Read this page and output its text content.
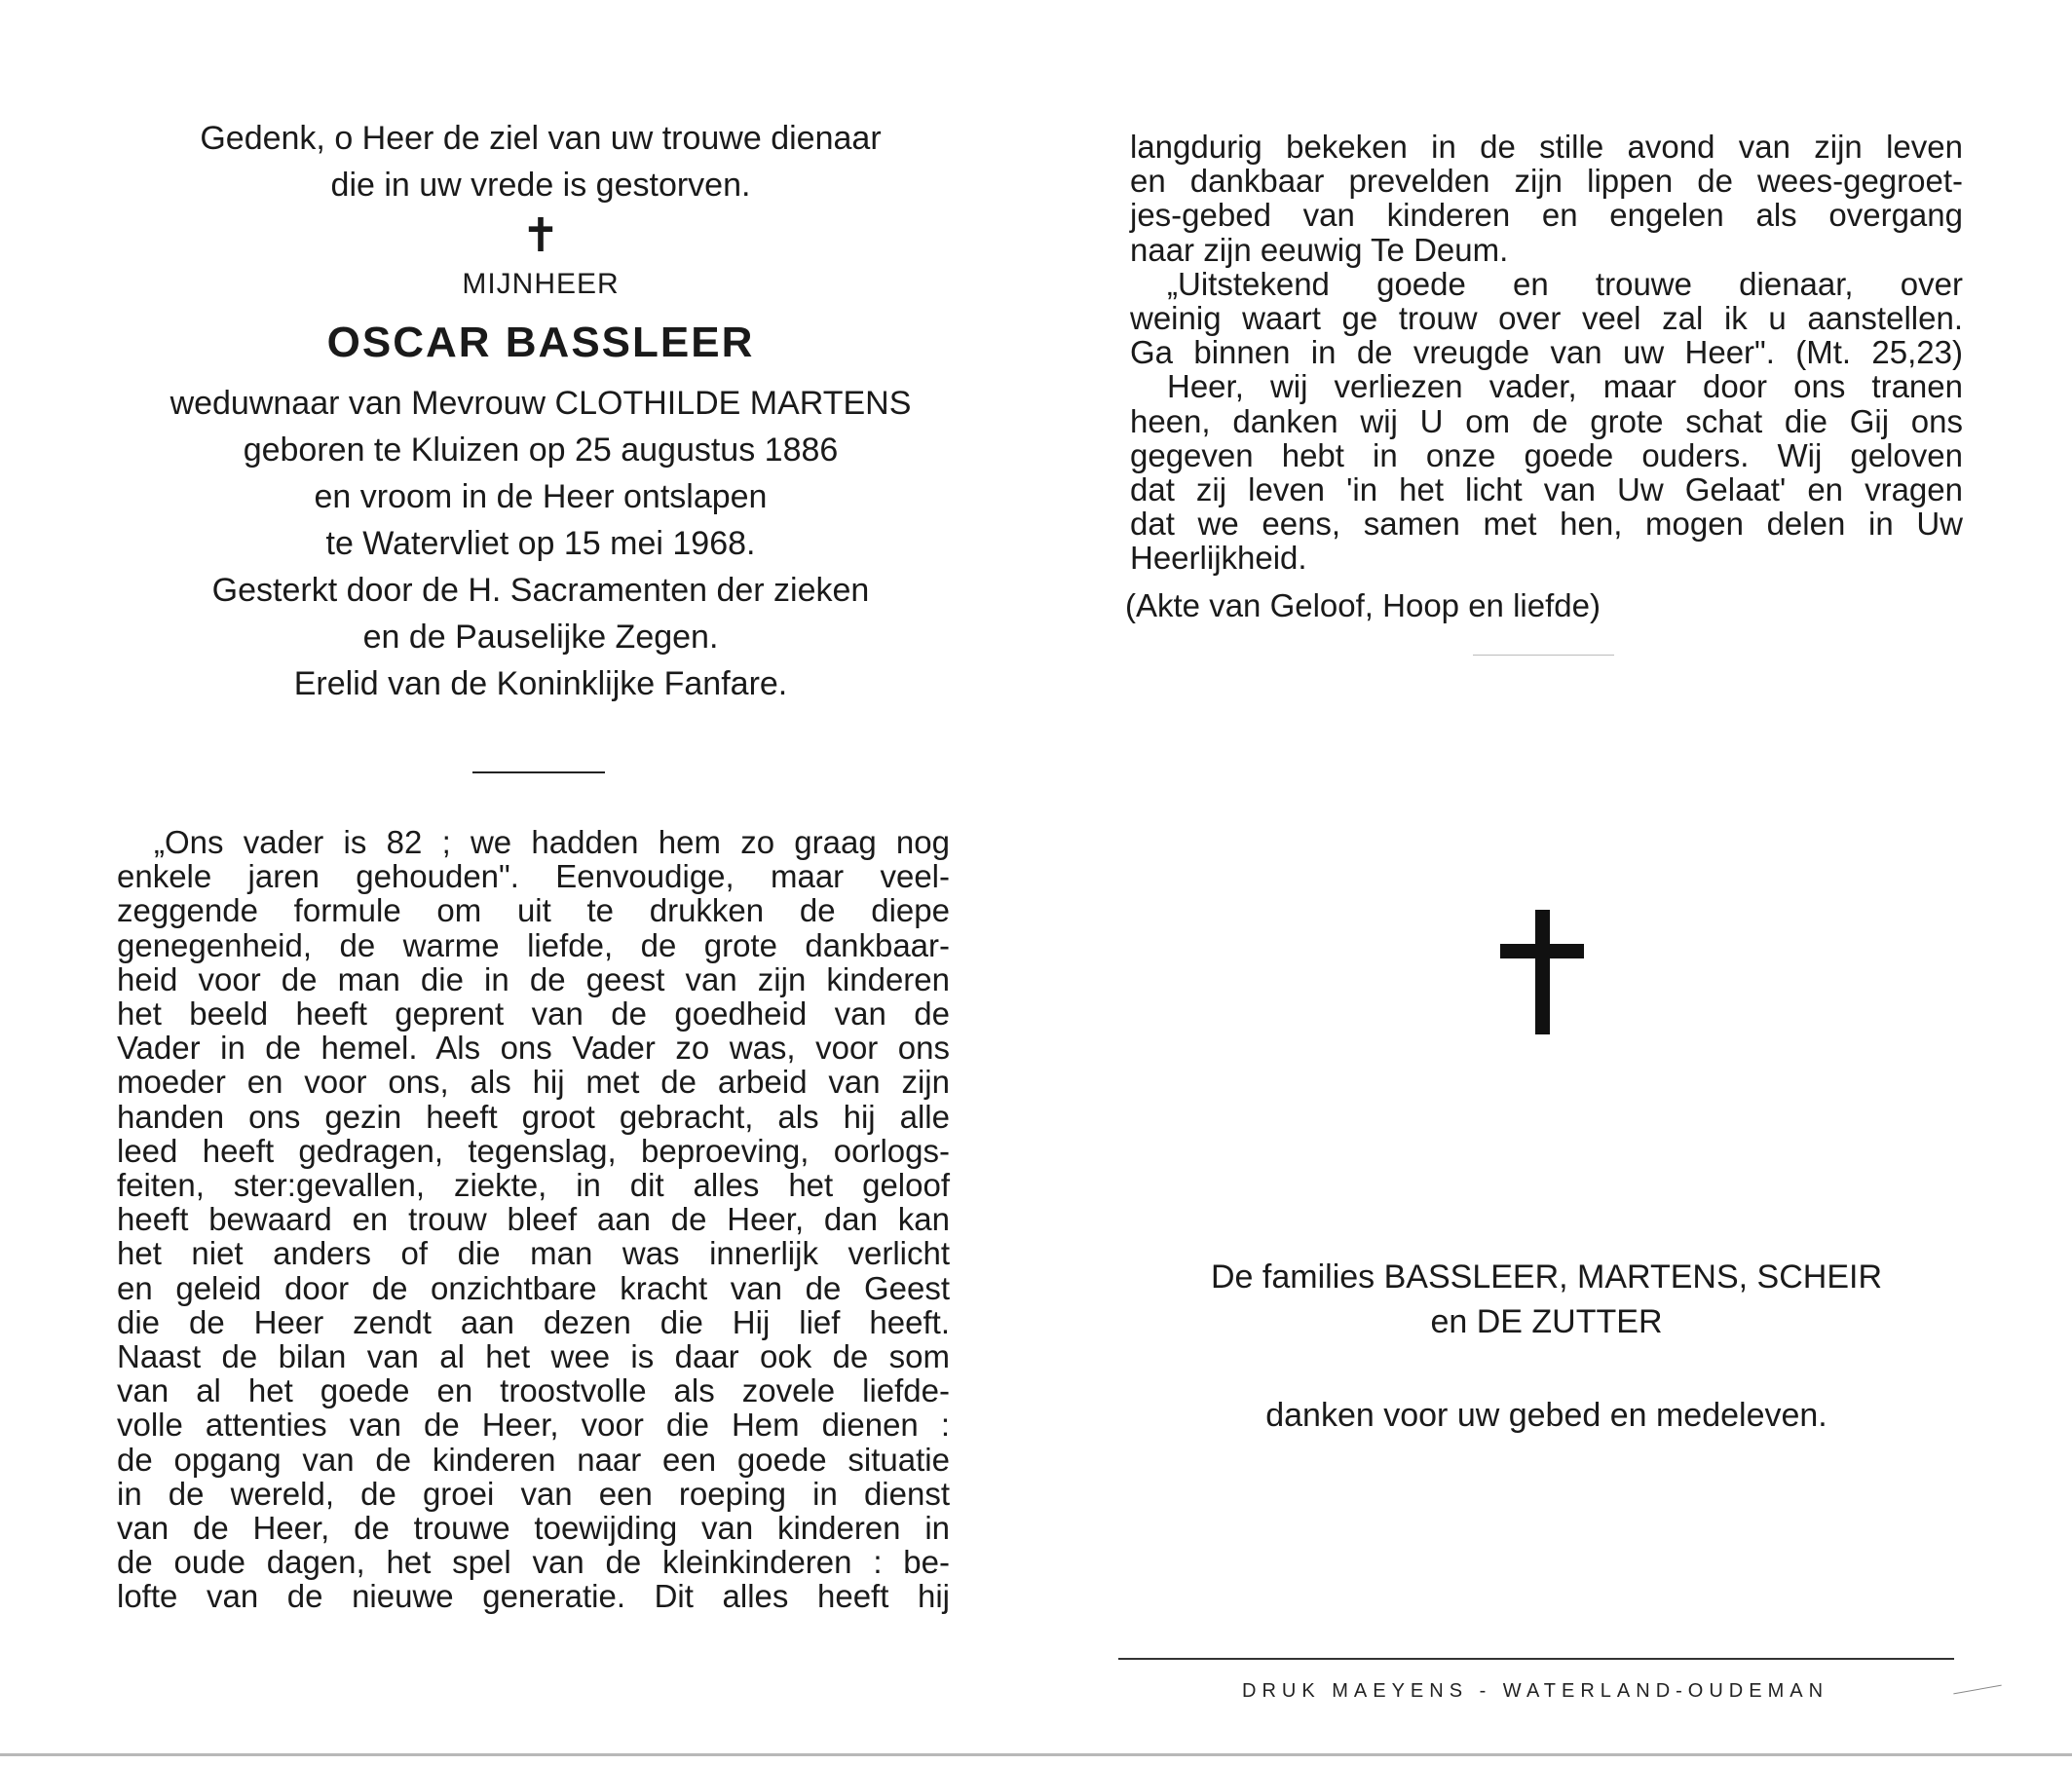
Gedenk, o Heer de ziel van uw trouwe dienaar
die in uw vrede is gestorven.
✝
MIJNHEER
OSCAR BASSLEER
weduwnaar van Mevrouw CLOTHILDE MARTENS
geboren te Kluizen op 25 augustus 1886
en vroom in de Heer ontslapen
te Watervliet op 15 mei 1968.
Gesterkt door de H. Sacramenten der zieken
en de Pauselijke Zegen.
Erelid van de Koninklijke Fanfare.
„Ons vader is 82 ; we hadden hem zo graag nog
enkele jaren gehouden". Eenvoudige, maar veel-
zeggende formule om uit te drukken de diepe
genegenheid, de warme liefde, de grote dankbaar-
heid voor de man die in de geest van zijn kinderen
het beeld heeft geprent van de goedheid van de
Vader in de hemel. Als ons Vader zo was, voor ons
moeder en voor ons, als hij met de arbeid van zijn
handen ons gezin heeft groot gebracht, als hij alle
leed heeft gedragen, tegenslag, beproeving, oorlogs-
feiten, ster:gevallen, ziekte, in dit alles het geloof
heeft bewaard en trouw bleef aan de Heer, dan kan
het niet anders of die man was innerlijk verlicht
en geleid door de onzichtbare kracht van de Geest
die de Heer zendt aan dezen die Hij lief heeft.
Naast de bilan van al het wee is daar ook de som
van al het goede en troostvolle als zovele liefde-
volle attenties van de Heer, voor die Hem dienen :
de opgang van de kinderen naar een goede situatie
in de wereld, de groei van een roeping in dienst
van de Heer, de trouwe toewijding van kinderen in
de oude dagen, het spel van de kleinkinderen : be-
lofte van de nieuwe generatie. Dit alles heeft hij
langdurig bekeken in de stille avond van zijn leven
en dankbaar prevelden zijn lippen de wees-gegroet-
jes-gebed van kinderen en engelen als overgang
naar zijn eeuwig Te Deum.
„Uitstekend goede en trouwe dienaar, over
weinig waart ge trouw over veel zal ik u aanstellen.
Ga binnen in de vreugde van uw Heer". (Mt. 25,23)
Heer, wij verliezen vader, maar door ons tranen
heen, danken wij U om de grote schat die Gij ons
gegeven hebt in onze goede ouders. Wij geloven
dat zij leven 'in het licht van Uw Gelaat' en vragen
dat we eens, samen met hen, mogen delen in Uw
Heerlijkheid.
(Akte van Geloof, Hoop en liefde)
De families BASSLEER, MARTENS, SCHEIR
en DE ZUTTER
danken voor uw gebed en medeleven.
DRUK MAEYENS - WATERLAND-OUDEMAN
